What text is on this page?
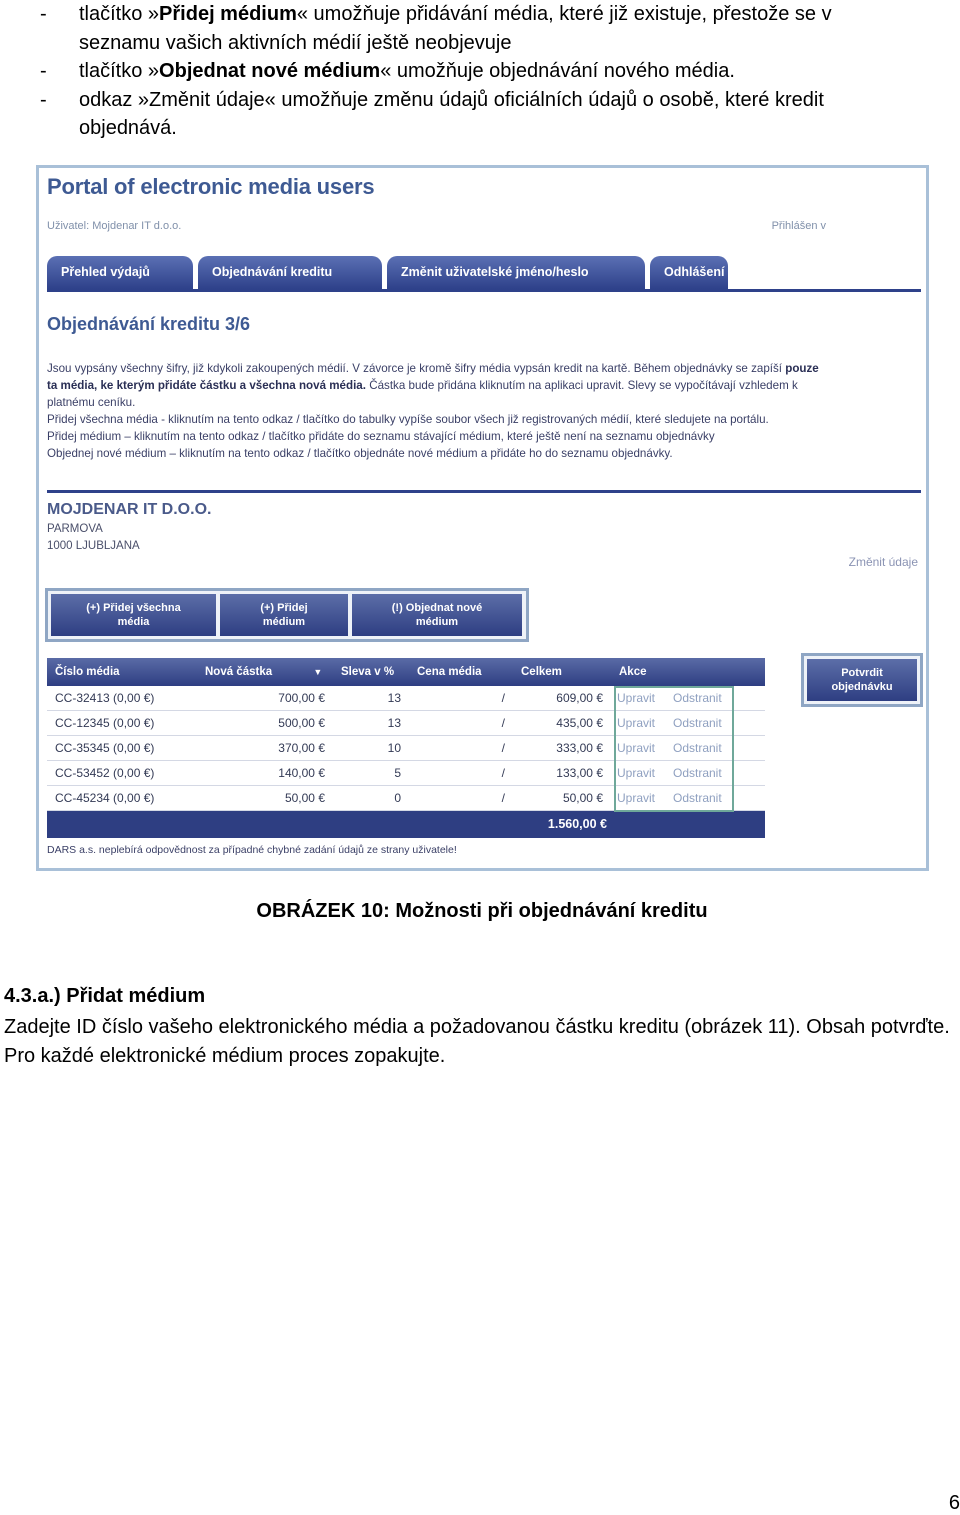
- tlačítko »Přidej médium« umožňuje přidávání média, které již existuje, přestože se v
seznamu vašich aktivních médií ještě neobjevuje
- tlačítko »Objednat nové médium« umožňuje objednávání nového média.
- odkaz »Změnit údaje« umožňuje změnu údajů oficiálních údajů o osobě, které kredit
objednává.
Portal of electronic media users
Uživatel: Mojdenar IT d.o.o.	Přihlášen v
Přehled výdajů	Objednávání kreditu	Změnit uživatelské jméno/heslo	Odhlášení
Objednávání kreditu 3/6
Jsou vypsány všechny šifry, již kdykoli zakoupených médií. V závorce je kromě šifry média vypsán kredit na kartě. Během objednávky se zapíší pouze
ta média, ke kterým přidáte částku a všechna nová média. Částka bude přidána kliknutím na aplikaci upravit. Slevy se vypočítávají vzhledem k
platnému ceníku.
Přidej všechna média - kliknutím na tento odkaz / tlačítko do tabulky vypíše soubor všech již registrovaných médií, které sledujete na portálu.
Přidej médium – kliknutím na tento odkaz / tlačítko přidáte do seznamu stávající médium, které ještě není na seznamu objednávky
Objednej nové médium – kliknutím na tento odkaz / tlačítko objednáte nové médium a přidáte ho do seznamu objednávky.
MOJDENAR IT D.O.O.
PARMOVA
1000 LJUBLJANA
Změnit údaje
(+) Přidej všechna
média
(+) Přidej
médium
(!) Objednat nové
médium
Potvrdit
objednávku
Číslo média	Nová částka	▼	Sleva v %	Cena média	Celkem	Akce
CC-32413 (0,00 €)	700,00 €	13	/	609,00 €	Upravit	Odstranit
CC-12345 (0,00 €)	500,00 €	13	/	435,00 €	Upravit	Odstranit
CC-35345 (0,00 €)	370,00 €	10	/	333,00 €	Upravit	Odstranit
CC-53452 (0,00 €)	140,00 €	5	/	133,00 €	Upravit	Odstranit
CC-45234 (0,00 €)	50,00 €	0	/	50,00 €	Upravit	Odstranit
1.560,00 €
DARS a.s. neplebírá odpovědnost za případné chybné zadání údajů ze strany uživatele!
OBRÁZEK 10: Možnosti při objednávání kreditu
4.3.a.) Přidat médium
Zadejte ID číslo vašeho elektronického média a požadovanou částku kreditu (obrázek 11). Obsah potvrďte. Pro každé elektronické médium proces zopakujte.
6
